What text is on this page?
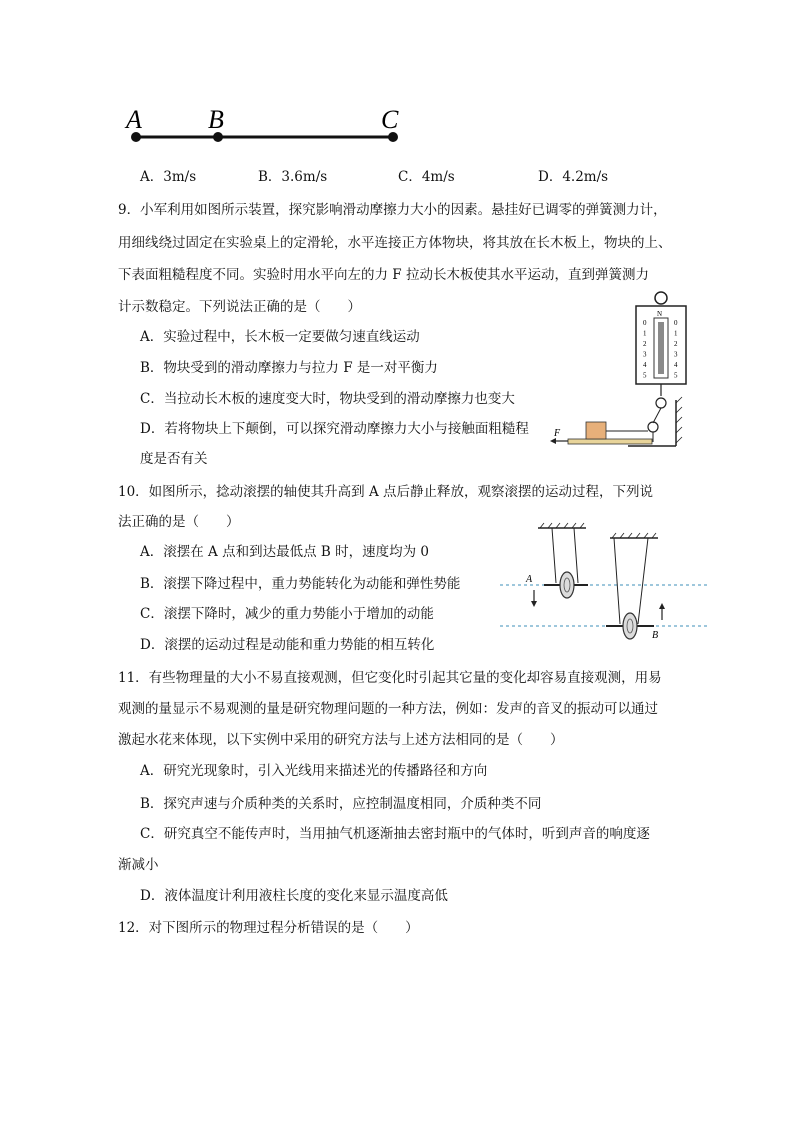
A	B	C
A．3m/s	B．3.6m/s	C．4m/s	D．4.2m/s
9．小军利用如图所示装置，探究影响滑动摩擦力大小的因素。悬挂好已调零的弹簧测力计，
用细线绕过固定在实验桌上的定滑轮，水平连接正方体物块，将其放在长木板上，物块的上、
下表面粗糙程度不同。实验时用水平向左的力 F 拉动长木板使其水平运动，直到弹簧测力
计示数稳定。下列说法正确的是（　　）
A．实验过程中，长木板一定要做匀速直线运动
B．物块受到的滑动摩擦力与拉力 F 是一对平衡力
C．当拉动长木板的速度变大时，物块受到的滑动摩擦力也变大
D．若将物块上下颠倒，可以探究滑动摩擦力大小与接触面粗糙程
度是否有关
N
0
1
2
3
4
5
0
1
2
3
4
5
F
10．如图所示，捻动滚摆的轴使其升高到 A 点后静止释放，观察滚摆的运动过程，下列说
法正确的是（　　）
A．滚摆在 A 点和到达最低点 B 时，速度均为 0
B．滚摆下降过程中，重力势能转化为动能和弹性势能
C．滚摆下降时，减少的重力势能小于增加的动能
D．滚摆的运动过程是动能和重力势能的相互转化
A
B
11．有些物理量的大小不易直接观测，但它变化时引起其它量的变化却容易直接观测，用易
观测的量显示不易观测的量是研究物理问题的一种方法，例如：发声的音叉的振动可以通过
激起水花来体现，以下实例中采用的研究方法与上述方法相同的是（　　）
A．研究光现象时，引入光线用来描述光的传播路径和方向
B．探究声速与介质种类的关系时，应控制温度相同，介质种类不同
C．研究真空不能传声时，当用抽气机逐渐抽去密封瓶中的气体时，听到声音的响度逐
渐减小
D．液体温度计利用液柱长度的变化来显示温度高低
12．对下图所示的物理过程分析错误的是（　　）
